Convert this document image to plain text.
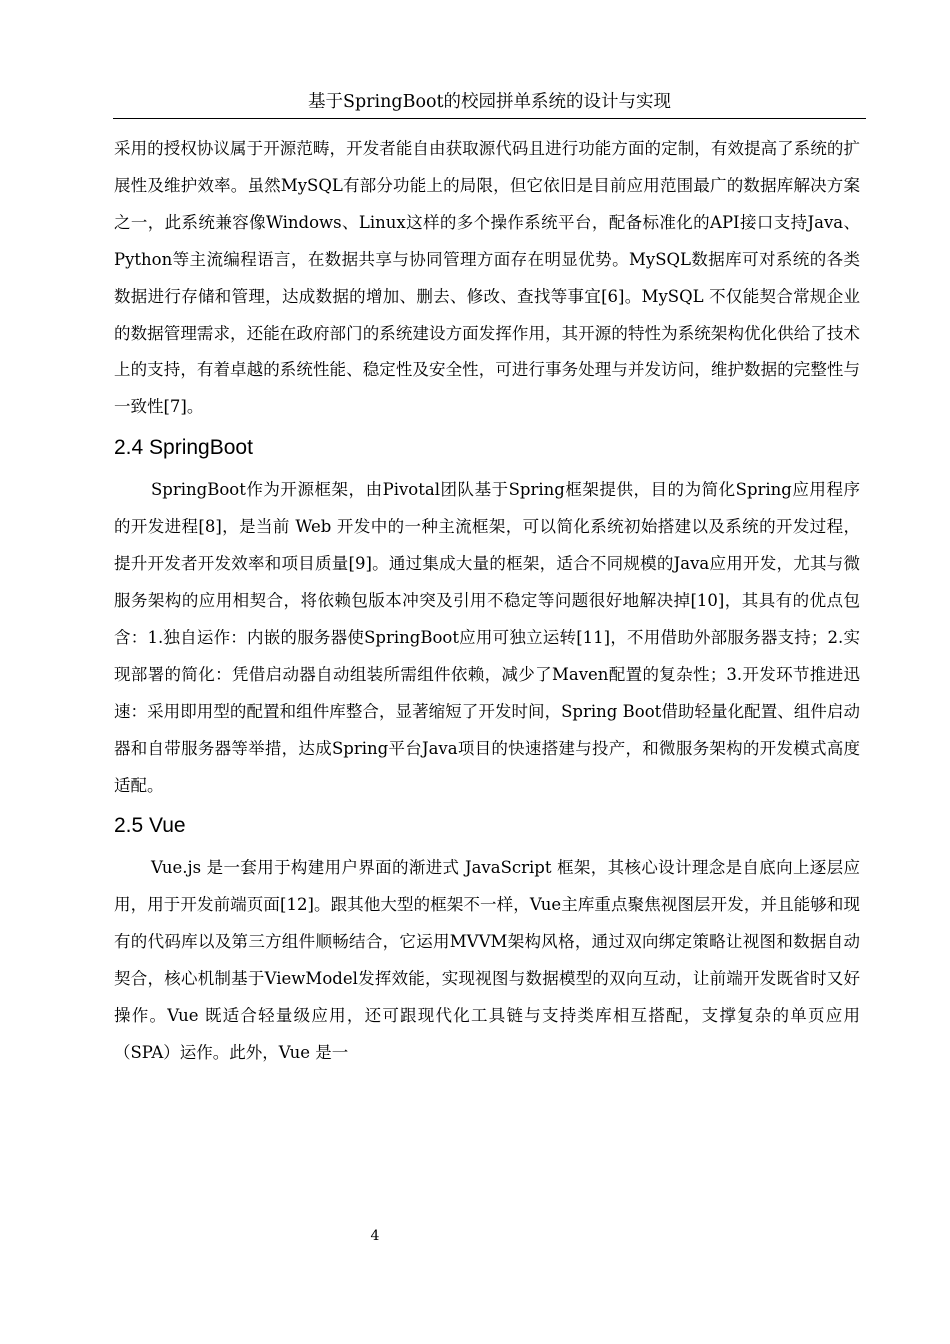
基于SpringBoot的校园拼单系统的设计与实现

采用的授权协议属于开源范畴，开发者能自由获取源代码且进行功能方面的定制，有效提高了系统的扩展性及维护效率。虽然MySQL有部分功能上的局限，但它依旧是目前应用范围最广的数据库解决方案之一，此系统兼容像Windows、Linux这样的多个操作系统平台，配备标准化的API接口支持Java、Python等主流编程语言，在数据共享与协同管理方面存在明显优势。MySQL数据库可对系统的各类数据进行存储和管理，达成数据的增加、删去、修改、查找等事宜[6]。MySQL 不仅能契合常规企业的数据管理需求，还能在政府部门的系统建设方面发挥作用，其开源的特性为系统架构优化供给了技术上的支持，有着卓越的系统性能、稳定性及安全性，可进行事务处理与并发访问，维护数据的完整性与一致性[7]。

2.4 SpringBoot

SpringBoot作为开源框架，由Pivotal团队基于Spring框架提供，目的为简化Spring应用程序的开发进程[8]，是当前 Web 开发中的一种主流框架，可以简化系统初始搭建以及系统的开发过程，提升开发者开发效率和项目质量[9]。通过集成大量的框架，适合不同规模的Java应用开发，尤其与微服务架构的应用相契合，将依赖包版本冲突及引用不稳定等问题很好地解决掉[10]，其具有的优点包含：1.独自运作：内嵌的服务器使SpringBoot应用可独立运转[11]，不用借助外部服务器支持；2.实现部署的简化：凭借启动器自动组装所需组件依赖，减少了Maven配置的复杂性；3.开发环节推进迅速：采用即用型的配置和组件库整合，显著缩短了开发时间，Spring Boot借助轻量化配置、组件启动器和自带服务器等举措，达成Spring平台Java项目的快速搭建与投产，和微服务架构的开发模式高度适配。

2.5 Vue

Vue.js 是一套用于构建用户界面的渐进式 JavaScript 框架，其核心设计理念是自底向上逐层应用，用于开发前端页面[12]。跟其他大型的框架不一样，Vue主库重点聚焦视图层开发，并且能够和现有的代码库以及第三方组件顺畅结合，它运用MVVM架构风格，通过双向绑定策略让视图和数据自动契合，核心机制基于ViewModel发挥效能，实现视图与数据模型的双向互动，让前端开发既省时又好操作。Vue 既适合轻量级应用，还可跟现代化工具链与支持类库相互搭配，支撑复杂的单页应用（SPA）运作。此外，Vue 是一

4
